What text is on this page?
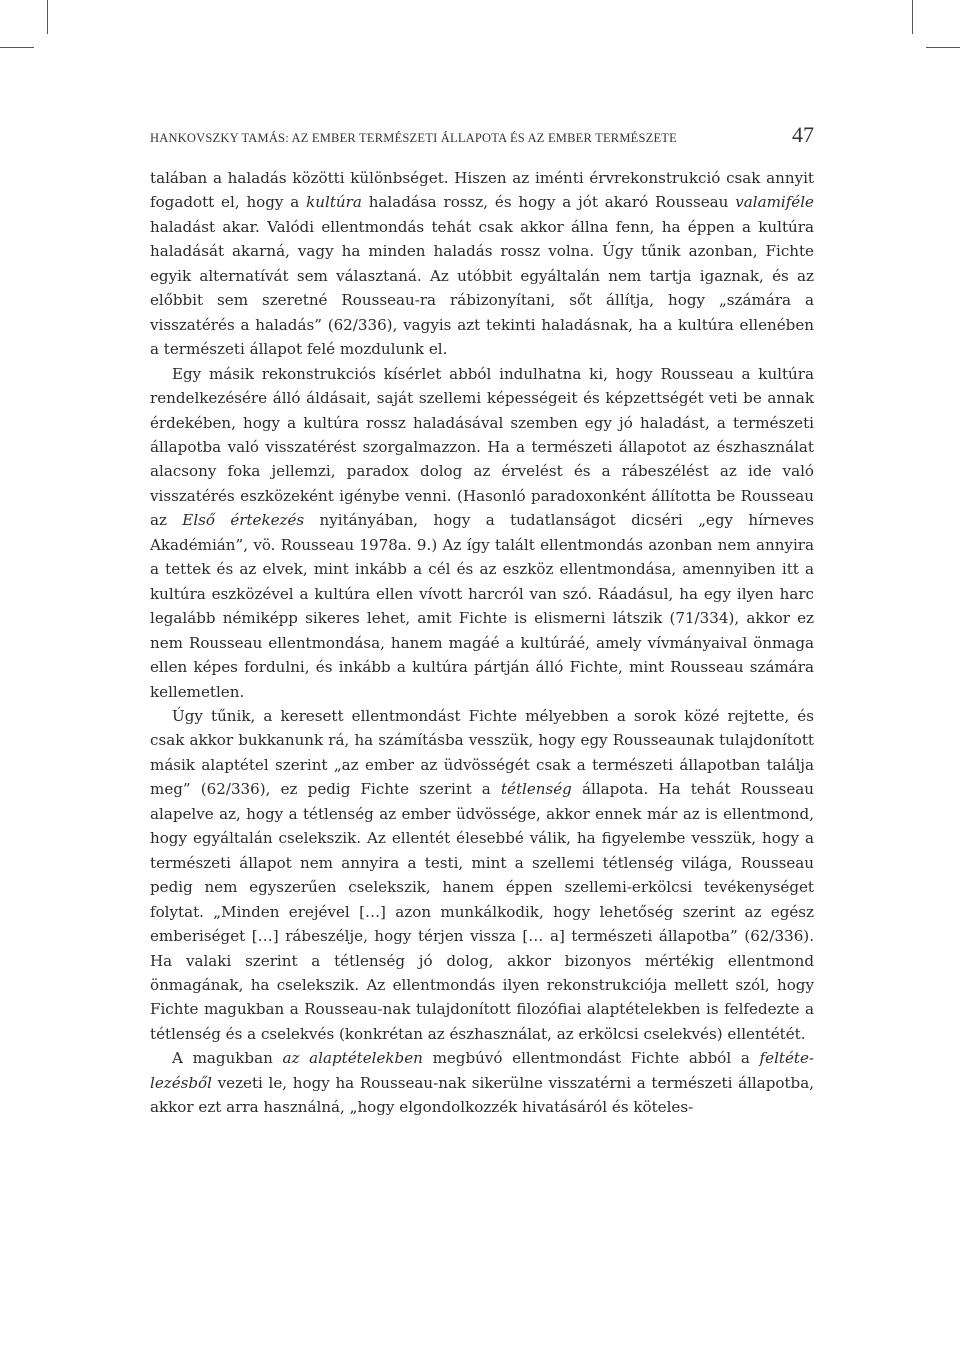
HANKOVSZKY TAMÁS: AZ EMBER TERMÉSZETI ÁLLAPOTA ÉS AZ EMBER TERMÉSZETE	47

talában a haladás közötti különbséget. Hiszen az iménti érvrekonstrukció csak annyit fogadott el, hogy a kultúra haladása rossz, és hogy a jót akaró Rousseau valamiféle haladást akar. Valódi ellentmondás tehát csak akkor állna fenn, ha éppen a kultúra haladását akarná, vagy ha minden haladás rossz volna. Úgy tűnik azonban, Fichte egyik alternatívát sem választaná. Az utóbbit egyáltalán nem tartja igaznak, és az előbbit sem szeretné Rousseau-ra rábizonyítani, sőt állítja, hogy „számára a visszatérés a haladás” (62/336), vagyis azt tekinti haladásnak, ha a kultúra ellenében a természeti állapot felé mozdulunk el.

Egy másik rekonstrukciós kísérlet abból indulhatna ki, hogy Rousseau a kultúra rendelkezésére álló áldásait, saját szellemi képességeit és képzettségét veti be annak érdekében, hogy a kultúra rossz haladásával szemben egy jó haladást, a természeti állapotba való visszatérést szorgalmazzon. Ha a természeti állapotot az észhasználat alacsony foka jellemzi, paradox dolog az érvelést és a rábeszélést az ide való visszatérés eszközeként igénybe venni. (Hasonló paradoxonként állította be Rousseau az Első értekezés nyitányában, hogy a tudatlanságot dicséri „egy hírneves Akadémián”, vö. Rousseau 1978a. 9.) Az így talált ellentmondás azonban nem annyira a tettek és az elvek, mint inkább a cél és az eszköz ellentmondása, amennyiben itt a kultúra eszközével a kultúra ellen vívott harcról van szó. Ráadásul, ha egy ilyen harc legalább némiképp sikeres lehet, amit Fichte is elismerni látszik (71/334), akkor ez nem Rousseau ellentmondása, hanem magáé a kultúráé, amely vívmányaival önmaga ellen képes fordulni, és inkább a kultúra pártján álló Fichte, mint Rousseau számára kellemetlen.

Úgy tűnik, a keresett ellentmondást Fichte mélyebben a sorok közé rejtette, és csak akkor bukkanunk rá, ha számításba vesszük, hogy egy Rousseaunak tulajdonított másik alaptétel szerint „az ember az üdvösségét csak a természeti állapotban találja meg” (62/336), ez pedig Fichte szerint a tétlenség állapota. Ha tehát Rousseau alapelve az, hogy a tétlenség az ember üdvössége, akkor ennek már az is ellentmond, hogy egyáltalán cselekszik. Az ellentét élesebbé válik, ha figyelembe vesszük, hogy a természeti állapot nem annyira a testi, mint a szellemi tétlenség világa, Rousseau pedig nem egyszerűen cselekszik, hanem éppen szellemi-erkölcsi tevékenységet folytat. „Minden erejével […] azon munkálkodik, hogy lehetőség szerint az egész emberiséget […] rábeszélje, hogy térjen vissza [… a] természeti állapotba” (62/336). Ha valaki szerint a tétlenség jó dolog, akkor bizonyos mértékig ellentmond önmagának, ha cselekszik. Az ellentmondás ilyen rekonstrukciója mellett szól, hogy Fichte magukban a Rousseau-nak tulajdonított filozófiai alaptételekben is felfedezte a tétlenség és a cselekvés (konkrétan az észhasználat, az erkölcsi cselekvés) ellentétét.

A magukban az alaptételekben megbúvó ellentmondást Fichte abból a feltételezésből vezeti le, hogy ha Rousseau-nak sikerülne visszatérni a természeti állapotba, akkor ezt arra használná, „hogy elgondolkozzék hivatásáról és köteles-
